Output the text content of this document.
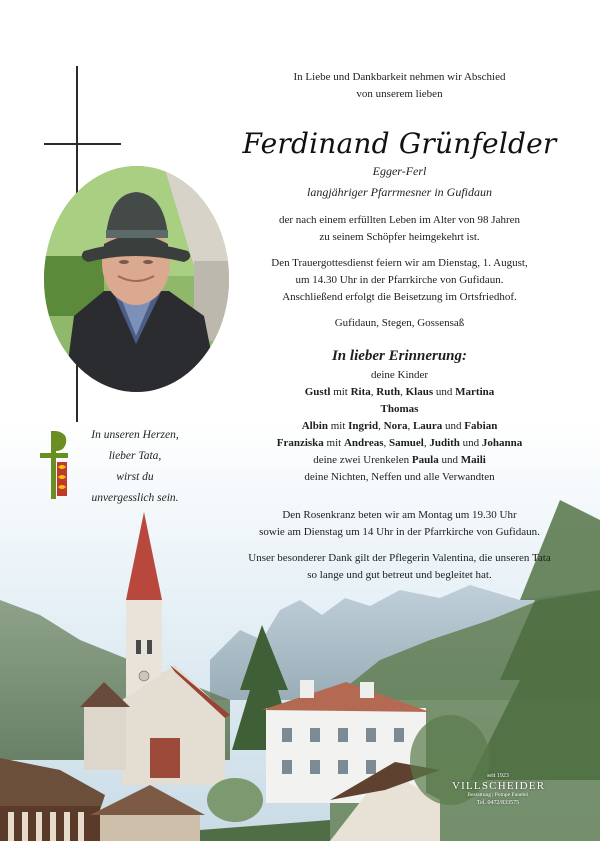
In unseren Herzen,
lieber Tata,
wirst du
unvergesslich sein.
In Liebe und Dankbarkeit nehmen wir Abschied
von unserem lieben
Ferdinand Grünfelder
Egger-Ferl
langjähriger Pfarrmesner in Gufidaun
der nach einem erfüllten Leben im Alter von 98 Jahren
zu seinem Schöpfer heimgekehrt ist.
Den Trauergottesdienst feiern wir am Dienstag, 1. August,
um 14.30 Uhr in der Pfarrkirche von Gufidaun.
Anschließend erfolgt die Beisetzung im Ortsfriedhof.
Gufidaun, Stegen, Gossensaß
In lieber Erinnerung:
deine Kinder
Gustl mit Rita, Ruth, Klaus und Martina
Thomas
Albin mit Ingrid, Nora, Laura und Fabian
Franziska mit Andreas, Samuel, Judith und Johanna
deine zwei Urenkelen Paula und Maili
deine Nichten, Neffen und alle Verwandten
Den Rosenkranz beten wir am Montag um 19.30 Uhr
sowie am Dienstag um 14 Uhr in der Pfarrkirche von Gufidaun.
Unser besonderer Dank gilt der Pflegerin Valentina, die unseren Tata
so lange und gut betreut und begleitet hat.
seit 1923
VILLSCHEIDER
Bestattung | Pompe Funebri
Tel. 0472/833575
